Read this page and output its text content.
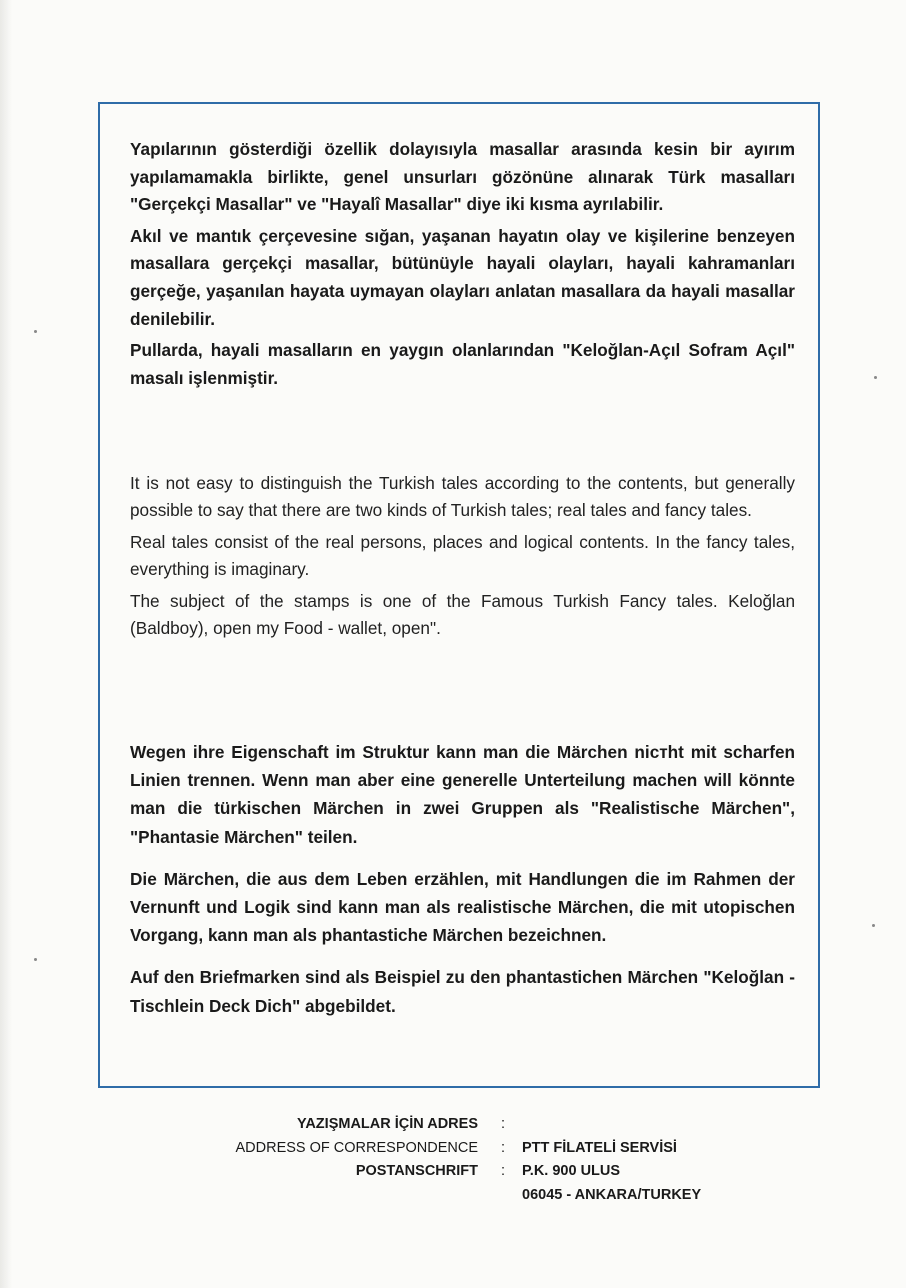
Yapılarının gösterdiği özellik dolayısıyla masallar arasında kesin bir ayırım yapılamamakla birlikte, genel unsurları gözönüne alınarak Türk masalları "Gerçekçi Masallar" ve "Hayalî Masallar" diye iki kısma ayrılabilir.

Akıl ve mantık çerçevesine sığan, yaşanan hayatın olay ve kişilerine benzeyen masallara gerçekçi masallar, bütünüyle hayali olayları, hayali kahramanları gerçeğe, yaşanılan hayata uymayan olayları anlatan masallara da hayali masallar denilebilir.

Pullarda, hayali masalların en yaygın olanlarından "Keloğlan-Açıl Sofram Açıl" masalı işlenmiştir.

It is not easy to distinguish the Turkish tales according to the contents, but generally possible to say that there are two kinds of Turkish tales; real tales and fancy tales.

Real tales consist of the real persons, places and logical contents. In the fancy tales, everything is imaginary.

The subject of the stamps is one of the Famous Turkish Fancy tales. Keloğlan (Baldboy), open my Food - wallet, open".

Wegen ihre Eigenschaft im Struktur kann man die Märchen nicтht mit scharfen Linien trennen. Wenn man aber eine generelle Unterteilung machen will könnte man die türkischen Märchen in zwei Gruppen als "Realistische Märchen", "Phantasie Märchen" teilen.

Die Märchen, die aus dem Leben erzählen, mit Handlungen die im Rahmen der Vernunft und Logik sind kann man als realistische Märchen, die mit utopischen Vorgang, kann man als phantastiche Märchen bezeichnen.

Auf den Briefmarken sind als Beispiel zu den phantastichen Märchen "Keloğlan - Tischlein Deck Dich" abgebildet.

YAZIŞMALAR İÇİN ADRES :
ADDRESS OF CORRESPONDENCE : PTT FİLATELİ SERVİSİ
POSTANSCHRIFT : P.K. 900 ULUS
06045 - ANKARA/TURKEY
